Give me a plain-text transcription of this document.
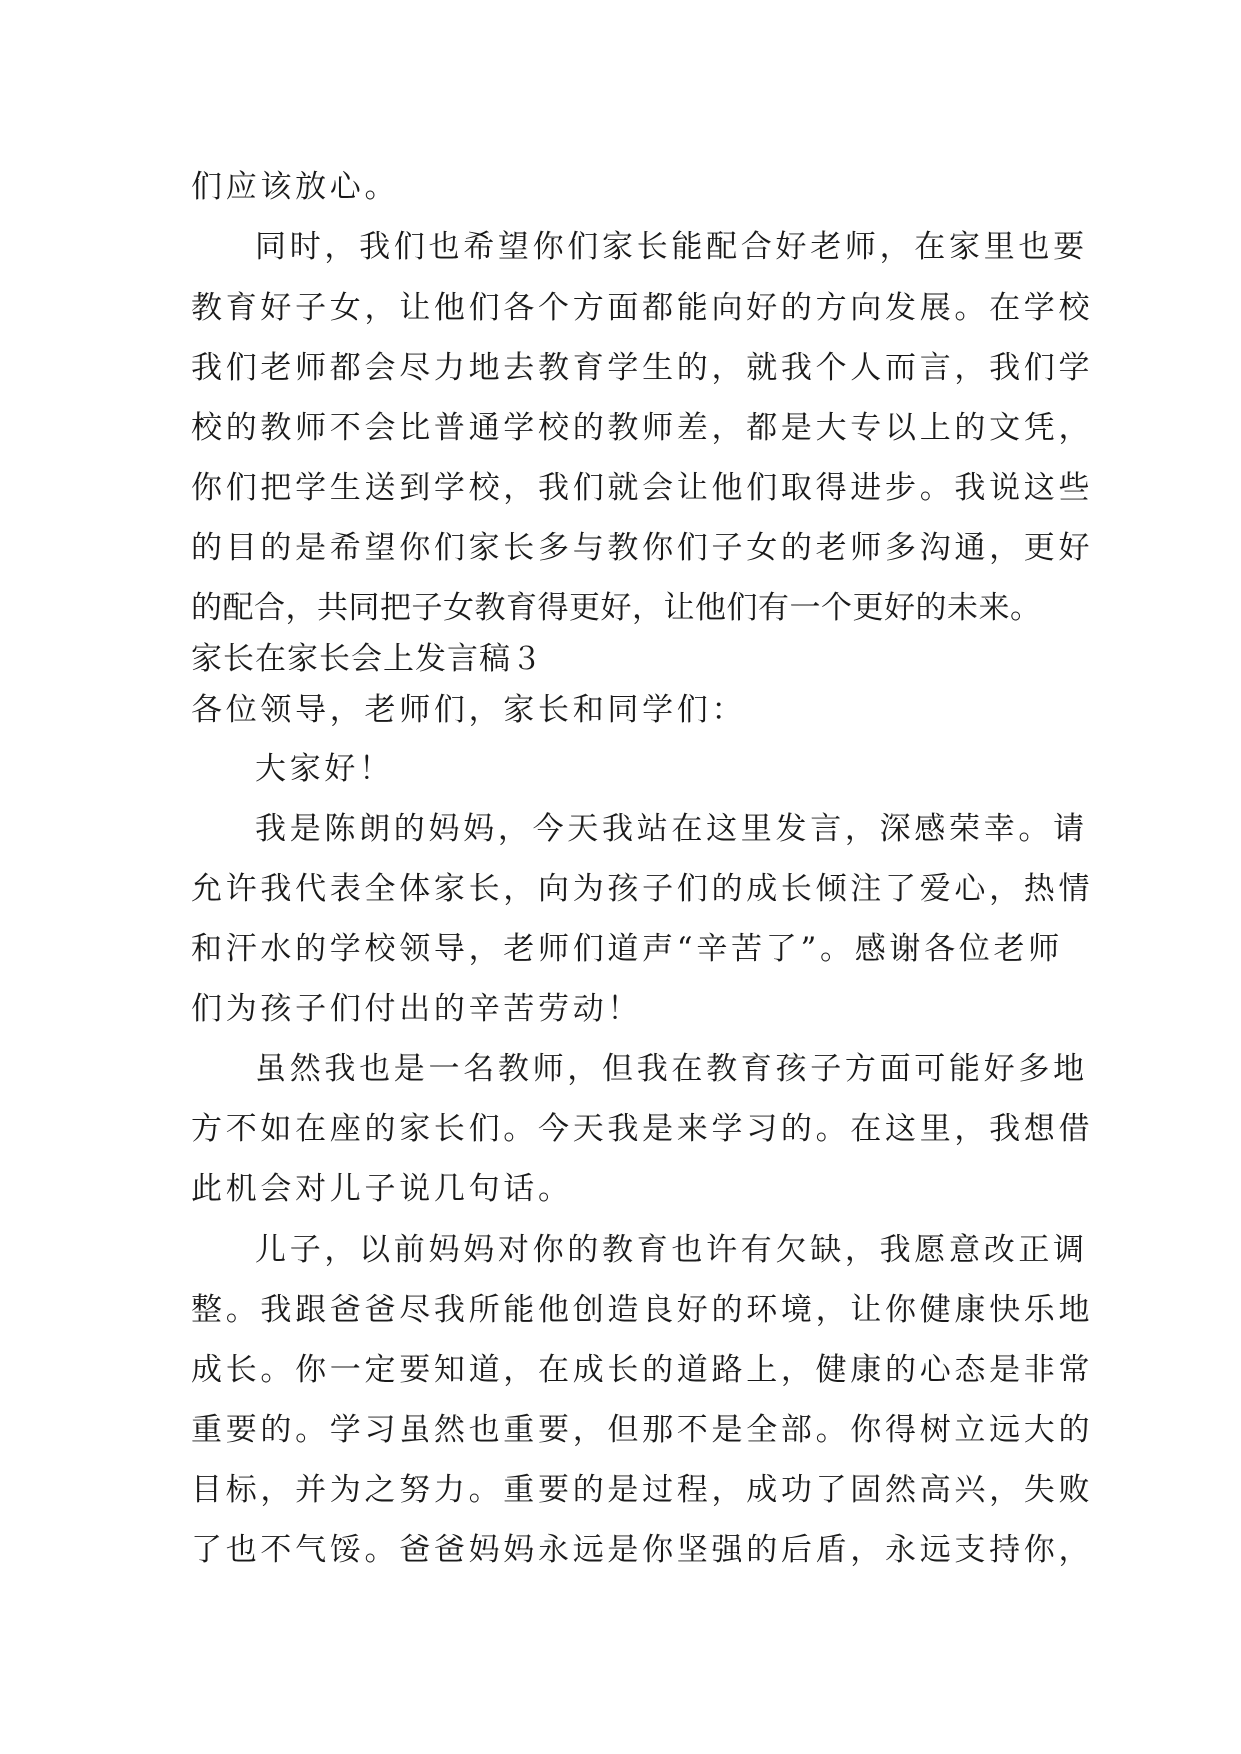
们应该放心。
同时，我们也希望你们家长能配合好老师，在家里也要
教育好子女，让他们各个方面都能向好的方向发展。在学校
我们老师都会尽力地去教育学生的，就我个人而言，我们学
校的教师不会比普通学校的教师差，都是大专以上的文凭，
你们把学生送到学校，我们就会让他们取得进步。我说这些
的目的是希望你们家长多与教你们子女的老师多沟通，更好
的配合，共同把子女教育得更好，让他们有一个更好的未来。
家长在家长会上发言稿３
各位领导，老师们，家长和同学们：
大家好！
我是陈朗的妈妈，今天我站在这里发言，深感荣幸。请
允许我代表全体家长，向为孩子们的成长倾注了爱心，热情
和汗水的学校领导，老师们道声“辛苦了”。感谢各位老师
们为孩子们付出的辛苦劳动！
虽然我也是一名教师，但我在教育孩子方面可能好多地
方不如在座的家长们。今天我是来学习的。在这里，我想借
此机会对儿子说几句话。
儿子，以前妈妈对你的教育也许有欠缺，我愿意改正调
整。我跟爸爸尽我所能他创造良好的环境，让你健康快乐地
成长。你一定要知道，在成长的道路上，健康的心态是非常
重要的。学习虽然也重要，但那不是全部。你得树立远大的
目标，并为之努力。重要的是过程，成功了固然高兴，失败
了也不气馁。爸爸妈妈永远是你坚强的后盾，永远支持你，
